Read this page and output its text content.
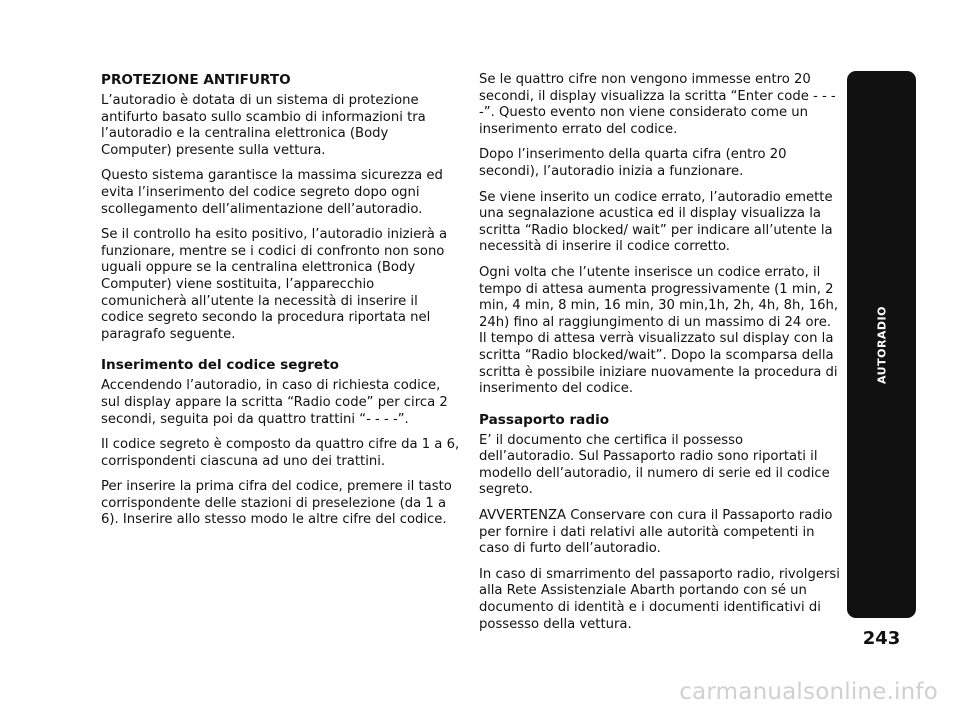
PROTEZIONE ANTIFURTO

L’autoradio è dotata di un sistema di protezione antifurto basato sullo scambio di informazioni tra l’autoradio e la centralina elettronica (Body Computer) presente sulla vettura.

Questo sistema garantisce la massima sicurezza ed evita l’inserimento del codice segreto dopo ogni scollegamento dell’alimentazione dell’autoradio.

Se il controllo ha esito positivo, l’autoradio inizierà a funzionare, mentre se i codici di confronto non sono uguali oppure se la centralina elettronica (Body Computer) viene sostituita, l’apparecchio comunicherà all’utente la necessità di inserire il codice segreto secondo la procedura riportata nel paragrafo seguente.

Inserimento del codice segreto

Accendendo l’autoradio, in caso di richiesta codice, sul display appare la scritta “Radio code” per circa 2 secondi, seguita poi da quattro trattini “- - - -”.

Il codice segreto è composto da quattro cifre da 1 a 6, corrispondenti ciascuna ad uno dei trattini.

Per inserire la prima cifra del codice, premere il tasto corrispondente delle stazioni di preselezione (da 1 a 6). Inserire allo stesso modo le altre cifre del codice.

Se le quattro cifre non vengono immesse entro 20 secondi, il display visualizza la scritta “Enter code - - - -”. Questo evento non viene considerato come un inserimento errato del codice.

Dopo l’inserimento della quarta cifra (entro 20 secondi), l’autoradio inizia a funzionare.

Se viene inserito un codice errato, l’autoradio emette una segnalazione acustica ed il display visualizza la scritta “Radio blocked/ wait” per indicare all’utente la necessità di inserire il codice corretto.

Ogni volta che l’utente inserisce un codice errato, il tempo di attesa aumenta progressivamente (1 min, 2 min, 4 min, 8 min, 16 min, 30 min,1h, 2h, 4h, 8h, 16h, 24h) fino al raggiungimento di un massimo di 24 ore. Il tempo di attesa verrà visualizzato sul display con la scritta “Radio blocked/wait”. Dopo la scomparsa della scritta è possibile iniziare nuovamente la procedura di inserimento del codice.

Passaporto radio

E’ il documento che certifica il possesso dell’autoradio. Sul Passaporto radio sono riportati il modello dell’autoradio, il numero di serie ed il codice segreto.

AVVERTENZA Conservare con cura il Passaporto radio per fornire i dati relativi alle autorità competenti in caso di furto dell’autoradio.

In caso di smarrimento del passaporto radio, rivolgersi alla Rete Assistenziale Abarth portando con sé un documento di identità e i documenti identificativi di possesso della vettura.

AUTORADIO
243
carmanualsonline.info
